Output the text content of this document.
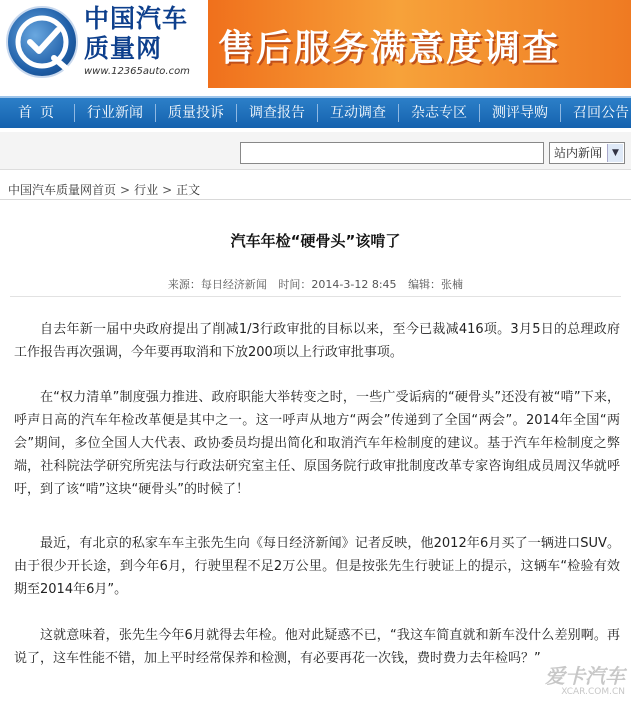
中国汽车
质量网
www.12365auto.com
售后服务满意度调查
首页	行业新闻	质量投诉	调查报告	互动调查	杂志专区	测评导购	召回公告
站内新闻	▼
中国汽车质量网首页 > 行业 > 正文
汽车年检“硬骨头”该啃了
来源：每日经济新闻 时间：2014-3-12 8:45 编辑：张楠

自去年新一届中央政府提出了削减1/3行政审批的目标以来，至今已裁减416项。3月5日的总理政府工作报告再次强调，今年要再取消和下放200项以上行政审批事项。

在“权力清单”制度强力推进、政府职能大举转变之时，一些广受诟病的“硬骨头”还没有被“啃”下来，呼声日高的汽车年检改革便是其中之一。这一呼声从地方“两会”传递到了全国“两会”。2014年全国“两会”期间，多位全国人大代表、政协委员均提出简化和取消汽车年检制度的建议。基于汽车年检制度之弊端，社科院法学研究所宪法与行政法研究室主任、原国务院行政审批制度改革专家咨询组成员周汉华就呼吁，到了该“啃”这块“硬骨头”的时候了！

最近，有北京的私家车车主张先生向《每日经济新闻》记者反映，他2012年6月买了一辆进口SUV。由于很少开长途，到今年6月，行驶里程不足2万公里。但是按张先生行驶证上的提示，这辆车“检验有效期至2014年6月”。

这就意味着，张先生今年6月就得去年检。他对此疑惑不已，“我这车简直就和新车没什么差别啊。再说了，这车性能不错，加上平时经常保养和检测，有必要再花一次钱，费时费力去年检吗？”

爱卡汽车
XCAR.COM.CN
